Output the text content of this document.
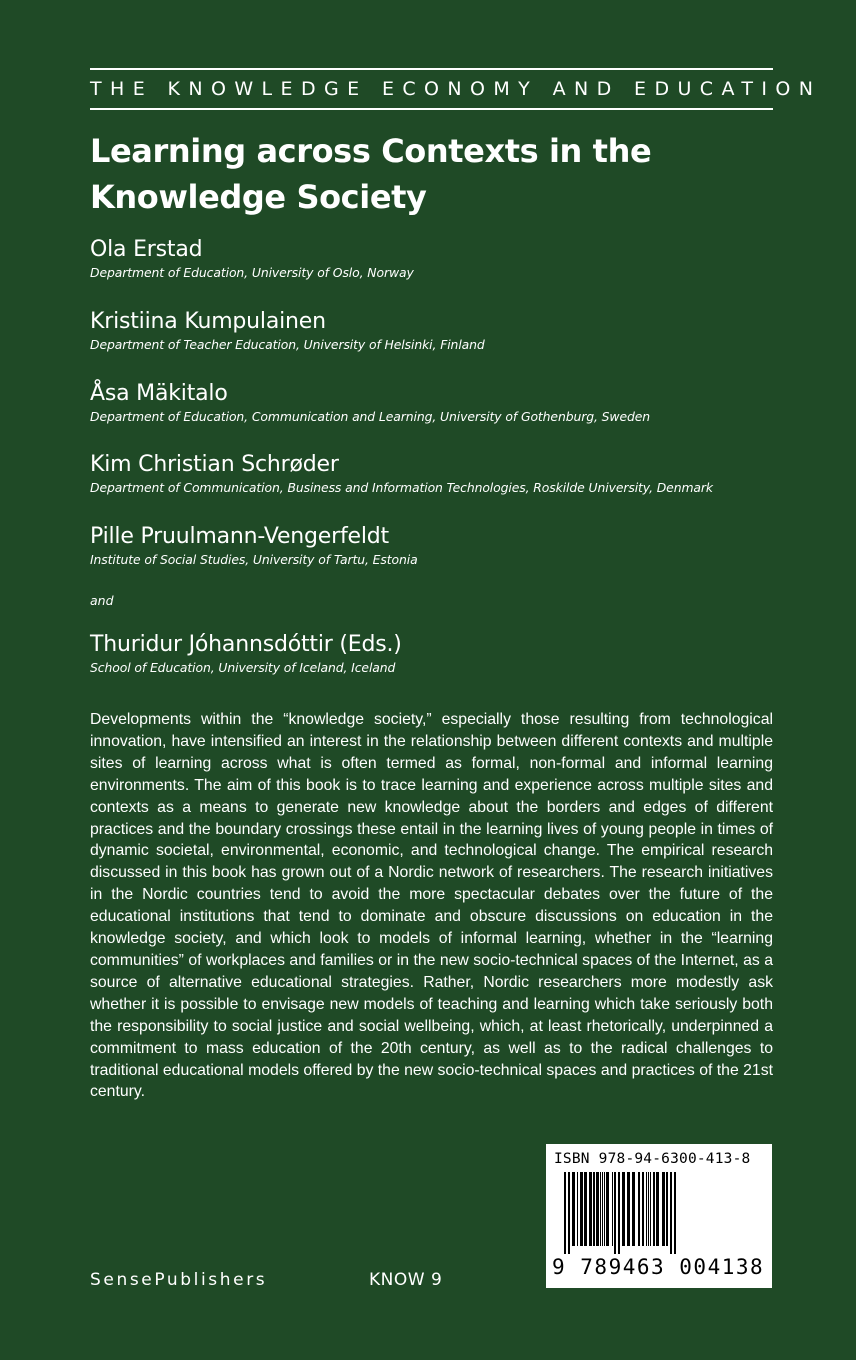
THE KNOWLEDGE ECONOMY AND EDUCATION
Learning across Contexts in the
Knowledge Society
Ola Erstad
Department of Education, University of Oslo, Norway
Kristiina Kumpulainen
Department of Teacher Education, University of Helsinki, Finland
Åsa Mäkitalo
Department of Education, Communication and Learning, University of Gothenburg, Sweden
Kim Christian Schrøder
Department of Communication, Business and Information Technologies, Roskilde University, Denmark
Pille Pruulmann-Vengerfeldt
Institute of Social Studies, University of Tartu, Estonia
and
Thuridur Jóhannsdóttir (Eds.)
School of Education, University of Iceland, Iceland

Developments within the “knowledge society,” especially those resulting from technological innovation, have intensified an interest in the relationship between different contexts and multiple sites of learning across what is often termed as formal, non-formal and informal learning environments. The aim of this book is to trace learning and experience across multiple sites and contexts as a means to generate new knowledge about the borders and edges of different practices and the boundary crossings these entail in the learning lives of young people in times of dynamic societal, environmental, economic, and technological change. The empirical research discussed in this book has grown out of a Nordic network of researchers. The research initiatives in the Nordic countries tend to avoid the more spectacular debates over the future of the educational institutions that tend to dominate and obscure discussions on education in the knowledge society, and which look to models of informal learning, whether in the “learning communities” of workplaces and families or in the new socio-technical spaces of the Internet, as a source of alternative educational strategies. Rather, Nordic researchers more modestly ask whether it is possible to envisage new models of teaching and learning which take seriously both the responsibility to social justice and social wellbeing, which, at least rhetorically, underpinned a commitment to mass education of the 20th century, as well as to the radical challenges to traditional educational models offered by the new socio-technical spaces and practices of the 21st century.

ISBN 978-94-6300-413-8
9 789463 004138
SensePublishers	KNOW 9
